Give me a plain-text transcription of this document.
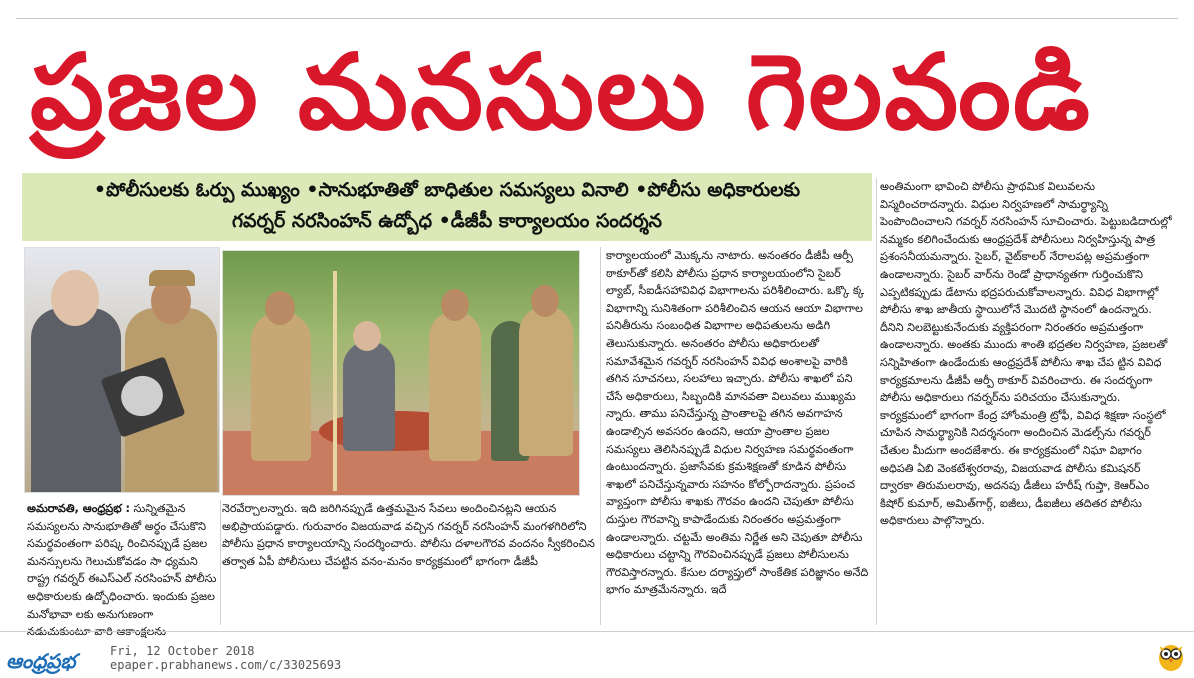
ప్రజల మనసులు గెలవండి
•పోలీసులకు ఓర్పు ముఖ్యం •సానుభూతితో బాధితుల సమస్యలు వినాలి •పోలీసు అధికారులకు
గవర్నర్ నరసింహన్ ఉద్బోధ •డీజీపీ కార్యాలయం సందర్శన

అమరావతి, ఆంధ్రప్రభ : సున్నితమైన సమస్యలను సానుభూతితో అర్థం చేసుకొని సమర్థవంతంగా పరిష్క రించినప్పుడే ప్రజల మనస్సులను గెలుచుకోవడం సా ధ్యమని రాష్ట్ర గవర్నర్ ఈఎస్ఎల్ నరసింహన్ పోలీసు అధికారులకు ఉద్బోధించారు. ఇందుకు ప్రజల మనోభావా లకు అనుగుణంగా నడుచుకుంటూ వారి ఆకాంక్షలను

నెరవేర్చాలన్నారు. ఇది జరిగినప్పుడే ఉత్తమమైన సేవలు అందించినట్లని ఆయన అభిప్రాయపడ్డారు. గురువారం విజయవాడ వచ్చిన గవర్నర్ నరసింహన్ మంగళగిరిలోని పోలీసు ప్రధాన కార్యాలయాన్ని సందర్శించారు. పోలీసు దళాలగౌరవ వందనం స్వీకరించిన తర్వాత ఏపీ పోలీసులు చేపట్టిన వనం-మనం కార్యక్రమంలో భాగంగా డీజీపీ

కార్యాలయంలో మొక్కను నాటారు. అనంతరం డీజీపీ ఆర్పీ ఠాకూర్‌తో కలిసి పోలీసు ప్రధాన కార్యాలయంలోని సైబర్ ల్యాబ్, సీఐడీసహావివిధ విభాగాలను పరిశీలించారు. ఒక్కొ క్క విభాగాన్ని సునిశితంగా పరిశీలించిన ఆయన ఆయా విభాగాల పనితీరును సంబంధిత విభాగాల అధిపతులను అడిగి తెలుసుకున్నారు. అనంతరం పోలీసు అధికారులతో సమావేశమైన గవర్నర్ నరసింహన్ వివిధ అంశాలపై వారికి తగిన సూచనలు, సలహాలు ఇచ్చారు. పోలీసు శాఖలో పని చేసే అధికారులు, సిబ్బందికి మానవతా విలువలు ముఖ్యమ న్నారు. తాము పనిచేస్తున్న ప్రాంతాలపై తగిన అవగాహన ఉండాల్సిన అవసరం ఉందని, ఆయా ప్రాంతాల ప్రజల సమస్యలు తెలిసినప్పుడే విధుల నిర్వహణ సమర్థవంతంగా ఉంటుందన్నారు. ప్రజాసేవకు క్రమశిక్షణతో కూడిన పోలీసు శాఖలో పనిచేస్తున్నవారు సహనం కోల్పోరాదన్నారు. ప్రపంచ వ్యాప్తంగా పోలీసు శాఖకు గౌరవం ఉందని చెపుతూ పోలీసు దుస్తుల గౌరవాన్ని కాపాడేందుకు నిరంతరం అప్రమత్తంగా ఉండాలన్నారు. చట్టమే అంతిమ నిర్ణేత అని చెపుతూ పోలీసు అధికారులు చట్టాన్ని గౌరవించినప్పుడే ప్రజలు పోలీసులను గౌరవిస్తారన్నారు. కేసుల దర్యాప్తులో సాంకేతిక పరిజ్ఞానం అనేది భాగం మాత్రమేనన్నారు. ఇదే

అంతిమంగా భావించి పోలీసు ప్రాథమిక విలువలను విస్మరించరాదన్నారు. విధుల నిర్వహణలో సామర్థ్యాన్ని పెంపొందించాలని గవర్నర్ నరసింహన్ సూచించారు. పెట్టుబడిదారుల్లో నమ్మకం కలిగించేందుకు ఆంధ్రప్రదేశ్ పోలీసులు నిర్వహిస్తున్న పాత్ర ప్రశంసనీయమన్నారు. సైబర్, వైట్‌కాలర్ నేరాలపట్ల అప్రమత్తంగా ఉండాలన్నారు. సైబర్ వార్‌ను రెండో ప్రాధాన్యతగా గుర్తించుకొని ఎప్పటికప్పుడు డేటాను భద్రపరుచుకోవాలన్నారు. వివిధ విభాగాల్లో పోలీసు శాఖ జాతీయ స్థాయిలోనే మొదటి స్థానంలో ఉందన్నారు. దీనిని నిలబెట్టుకునేందుకు వ్యక్తిపరంగా నిరంతరం అప్రమత్తంగా ఉండాలన్నారు. అంతకు ముందు శాంతి భద్రతల నిర్వహణ, ప్రజలతో సన్నిహితంగా ఉండేందుకు ఆంధ్రప్రదేశ్ పోలీసు శాఖ చేప ట్టిన వివిధ కార్యక్రమాలను డీజీపీ ఆర్పీ ఠాకూర్ వివరించారు. ఈ సందర్భంగా పోలీసు అధికారులు గవర్నర్‌ను పరిచయం చేసుకున్నారు. కార్యక్రమంలో భాగంగా కేంద్ర హోంమంత్రి ట్రోఫీ, వివిధ శిక్షణా సంస్థలో చూపిన సామర్థ్యానికి నిదర్శనంగా అందించిన మెడల్స్‌ను గవర్నర్ చేతుల మీదుగా అందజేశారు. ఈ కార్యక్రమంలో నిఘా విభాగం అధిపతి ఏబి వెంకటేశ్వరరావు, విజయవాడ పోలీసు కమిషనర్ ద్వారకా తిరుమలరావు, అదనపు డీజీలు హరీష్ గుప్తా, కెఆర్ఎం కిషోర్ కుమార్, అమిత్‌గార్గ్, ఐజీలు, డీఐజీలు తదితర పోలీసు అధికారులు పాల్గొన్నారు.

ఆంధ్రప్రభ	Fri, 12 October 2018
epaper.prabhanews.com/c/33025693
